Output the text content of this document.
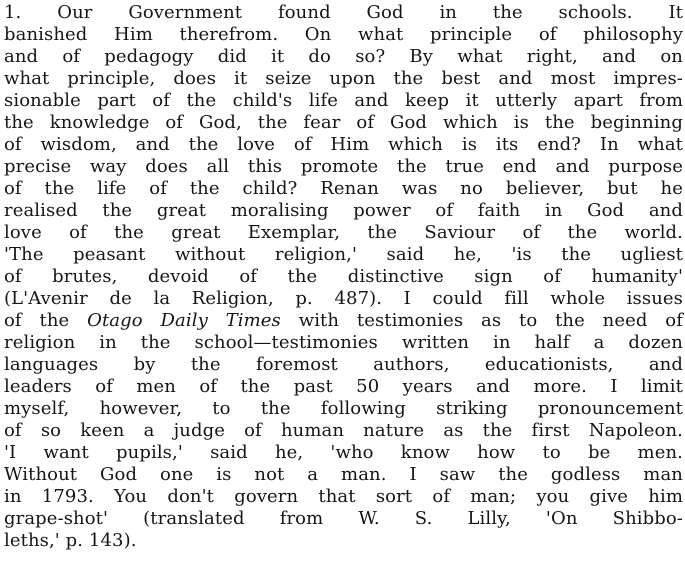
1. Our Government found God in the schools. It
banished Him therefrom. On what principle of philosophy
and of pedagogy did it do so? By what right, and on
what principle, does it seize upon the best and most impres-
sionable part of the child's life and keep it utterly apart from
the knowledge of God, the fear of God which is the beginning
of wisdom, and the love of Him which is its end? In what
precise way does all this promote the true end and purpose
of the life of the child? Renan was no believer, but he
realised the great moralising power of faith in God and
love of the great Exemplar, the Saviour of the world.
'The peasant without religion,' said he, 'is the ugliest
of brutes, devoid of the distinctive sign of humanity'
(L'Avenir de la Religion, p. 487). I could fill whole issues
of the Otago Daily Times with testimonies as to the need of
religion in the school—testimonies written in half a dozen
languages by the foremost authors, educationists, and
leaders of men of the past 50 years and more. I limit
myself, however, to the following striking pronouncement
of so keen a judge of human nature as the first Napoleon.
'I want pupils,' said he, 'who know how to be men.
Without God one is not a man. I saw the godless man
in 1793. You don't govern that sort of man; you give him
grape-shot' (translated from W. S. Lilly, 'On Shibbo-
leths,' p. 143).
